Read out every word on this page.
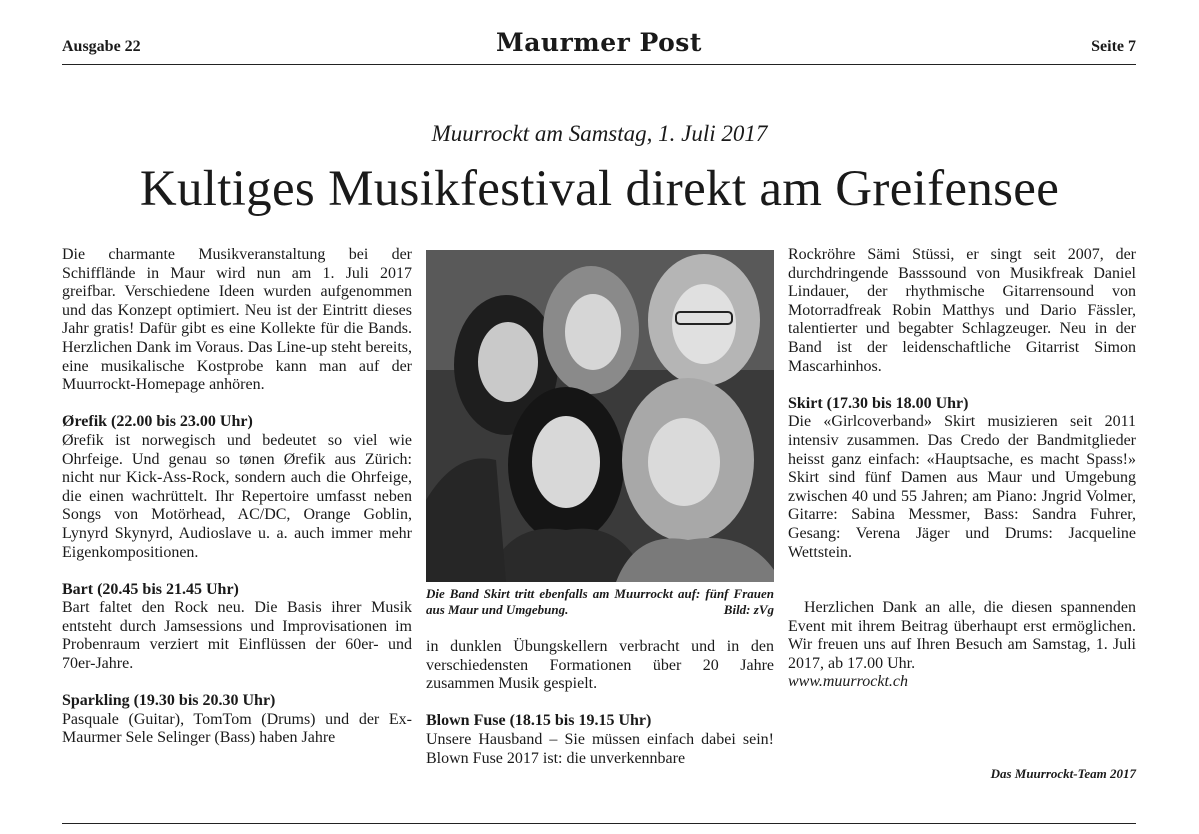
Ausgabe 22	Maurmer Post	Seite 7
Muurrockt am Samstag, 1. Juli 2017
Kultiges Musikfestival direkt am Greifensee

Die charmante Musikveranstaltung bei der Schifflände in Maur wird nun am 1. Juli 2017 greifbar. Verschiedene Ideen wurden aufgenommen und das Konzept optimiert. Neu ist der Eintritt dieses Jahr gratis! Dafür gibt es eine Kollekte für die Bands. Herzlichen Dank im Voraus. Das Line-up steht bereits, eine musikalische Kostprobe kann man auf der Muurrockt-Homepage anhören.

Ørefik (22.00 bis 23.00 Uhr)
Ørefik ist norwegisch und bedeutet so viel wie Ohrfeige. Und genau so tønen Ørefik aus Zürich: nicht nur Kick-Ass-Rock, sondern auch die Ohrfeige, die einen wachrüttelt. Ihr Repertoire umfasst neben Songs von Motörhead, AC/DC, Orange Goblin, Lynyrd Skynyrd, Audioslave u. a. auch immer mehr Eigenkompositionen.

Bart (20.45 bis 21.45 Uhr)
Bart faltet den Rock neu. Die Basis ihrer Musik entsteht durch Jamsessions und Improvisationen im Probenraum verziert mit Einflüssen der 60er- und 70er-Jahre.

Sparkling (19.30 bis 20.30 Uhr)
Pasquale (Guitar), TomTom (Drums) und der Ex-Maurmer Sele Selinger (Bass) haben Jahre

Die Band Skirt tritt ebenfalls am Muurrockt auf: fünf Frauen aus Maur und Umgebung.	Bild: zVg

in dunklen Übungskellern verbracht und in den verschiedensten Formationen über 20 Jahre zusammen Musik gespielt.

Blown Fuse (18.15 bis 19.15 Uhr)
Unsere Hausband – Sie müssen einfach dabei sein! Blown Fuse 2017 ist: die unverkennbare

Rockröhre Sämi Stüssi, er singt seit 2007, der durchdringende Basssound von Musikfreak Daniel Lindauer, der rhythmische Gitarrensound von Motorradfreak Robin Matthys und Dario Fässler, talentierter und begabter Schlagzeuger. Neu in der Band ist der leidenschaftliche Gitarrist Simon Mascarhinhos.

Skirt (17.30 bis 18.00 Uhr)
Die «Girlcoverband» Skirt musizieren seit 2011 intensiv zusammen. Das Credo der Bandmitglieder heisst ganz einfach: «Hauptsache, es macht Spass!» Skirt sind fünf Damen aus Maur und Umgebung zwischen 40 und 55 Jahren; am Piano: Jngrid Volmer, Gitarre: Sabina Messmer, Bass: Sandra Fuhrer, Gesang: Verena Jäger und Drums: Jacqueline Wettstein.

Herzlichen Dank an alle, die diesen spannenden Event mit ihrem Beitrag überhaupt erst ermöglichen. Wir freuen uns auf Ihren Besuch am Samstag, 1. Juli 2017, ab 17.00 Uhr.

www.muurrockt.ch

Das Muurrockt-Team 2017
